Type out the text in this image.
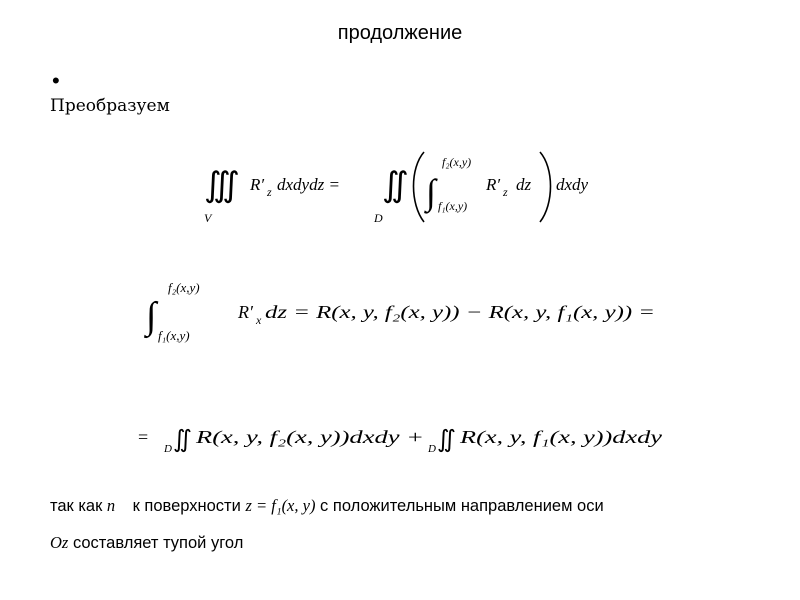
продолжение
•
Преобразуем
∭
V
R′ z dxdydz = ∬
D
∫
f₂(x,y)
f₁(x,y)
R′ z dz dxdy
∫
f₂(x,y)
f₁(x,y)
R′ x dz = R(x, y, f₂(x, y)) − R(x, y, f₁(x, y)) =
=
D ∬ R(x, y, f₂(x, y))dxdy +
D ∬ R(x, y, f₁(x, y))dxdy
так как n⃗ к поверхности z = f₁(x, y) с положительным направлением оси
Oz составляет тупой угол
